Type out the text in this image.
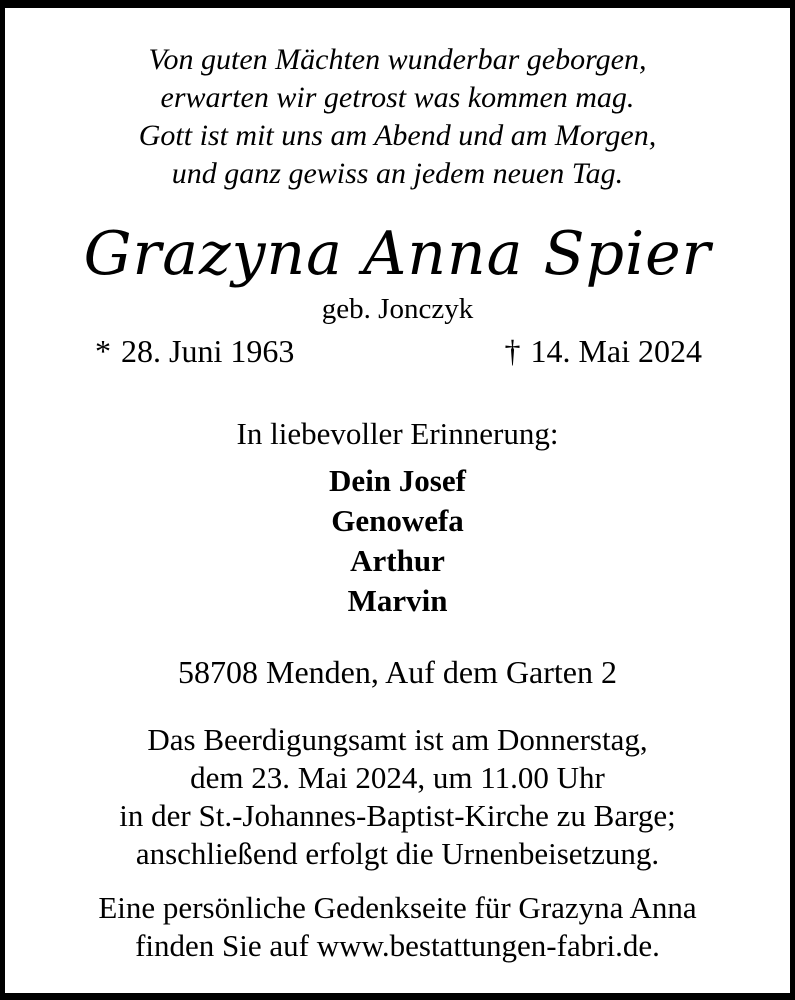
Von guten Mächten wunderbar geborgen,
erwarten wir getrost was kommen mag.
Gott ist mit uns am Abend und am Morgen,
und ganz gewiss an jedem neuen Tag.
Grazyna Anna Spier
geb. Jonczyk
* 28. Juni 1963	† 14. Mai 2024
In liebevoller Erinnerung:
Dein Josef
Genowefa
Arthur
Marvin
58708 Menden, Auf dem Garten 2
Das Beerdigungsamt ist am Donnerstag,
dem 23. Mai 2024, um 11.00 Uhr
in der St.-Johannes-Baptist-Kirche zu Barge;
anschließend erfolgt die Urnenbeisetzung.
Eine persönliche Gedenkseite für Grazyna Anna
finden Sie auf www.bestattungen-fabri.de.
